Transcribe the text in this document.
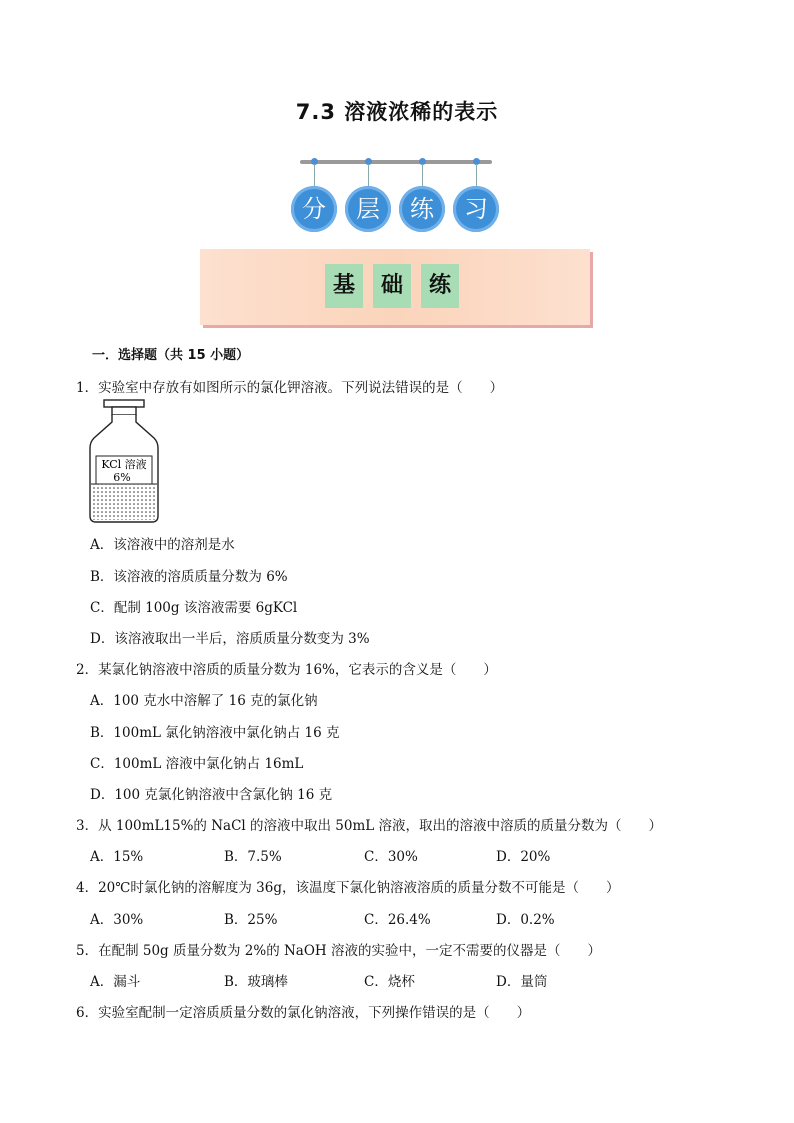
7.3 溶液浓稀的表示
分	层	练	习
基	础	练
一．选择题（共 15 小题）
1．实验室中存放有如图所示的氯化钾溶液。下列说法错误的是（　　）
KCl 溶液
6%
A．该溶液中的溶剂是水
B．该溶液的溶质质量分数为 6%
C．配制 100g 该溶液需要 6gKCl
D．该溶液取出一半后，溶质质量分数变为 3%
2．某氯化钠溶液中溶质的质量分数为 16%，它表示的含义是（　　）
A．100 克水中溶解了 16 克的氯化钠
B．100mL 氯化钠溶液中氯化钠占 16 克
C．100mL 溶液中氯化钠占 16mL
D．100 克氯化钠溶液中含氯化钠 16 克
3．从 100mL15%的 NaCl 的溶液中取出 50mL 溶液，取出的溶液中溶质的质量分数为（　　）
A．15%	B．7.5%	C．30%	D．20%
4．20℃时氯化钠的溶解度为 36g，该温度下氯化钠溶液溶质的质量分数不可能是（　　）
A．30%	B．25%	C．26.4%	D．0.2%
5．在配制 50g 质量分数为 2%的 NaOH 溶液的实验中，一定不需要的仪器是（　　）
A．漏斗	B．玻璃棒	C．烧杯	D．量筒
6．实验室配制一定溶质质量分数的氯化钠溶液，下列操作错误的是（　　）
